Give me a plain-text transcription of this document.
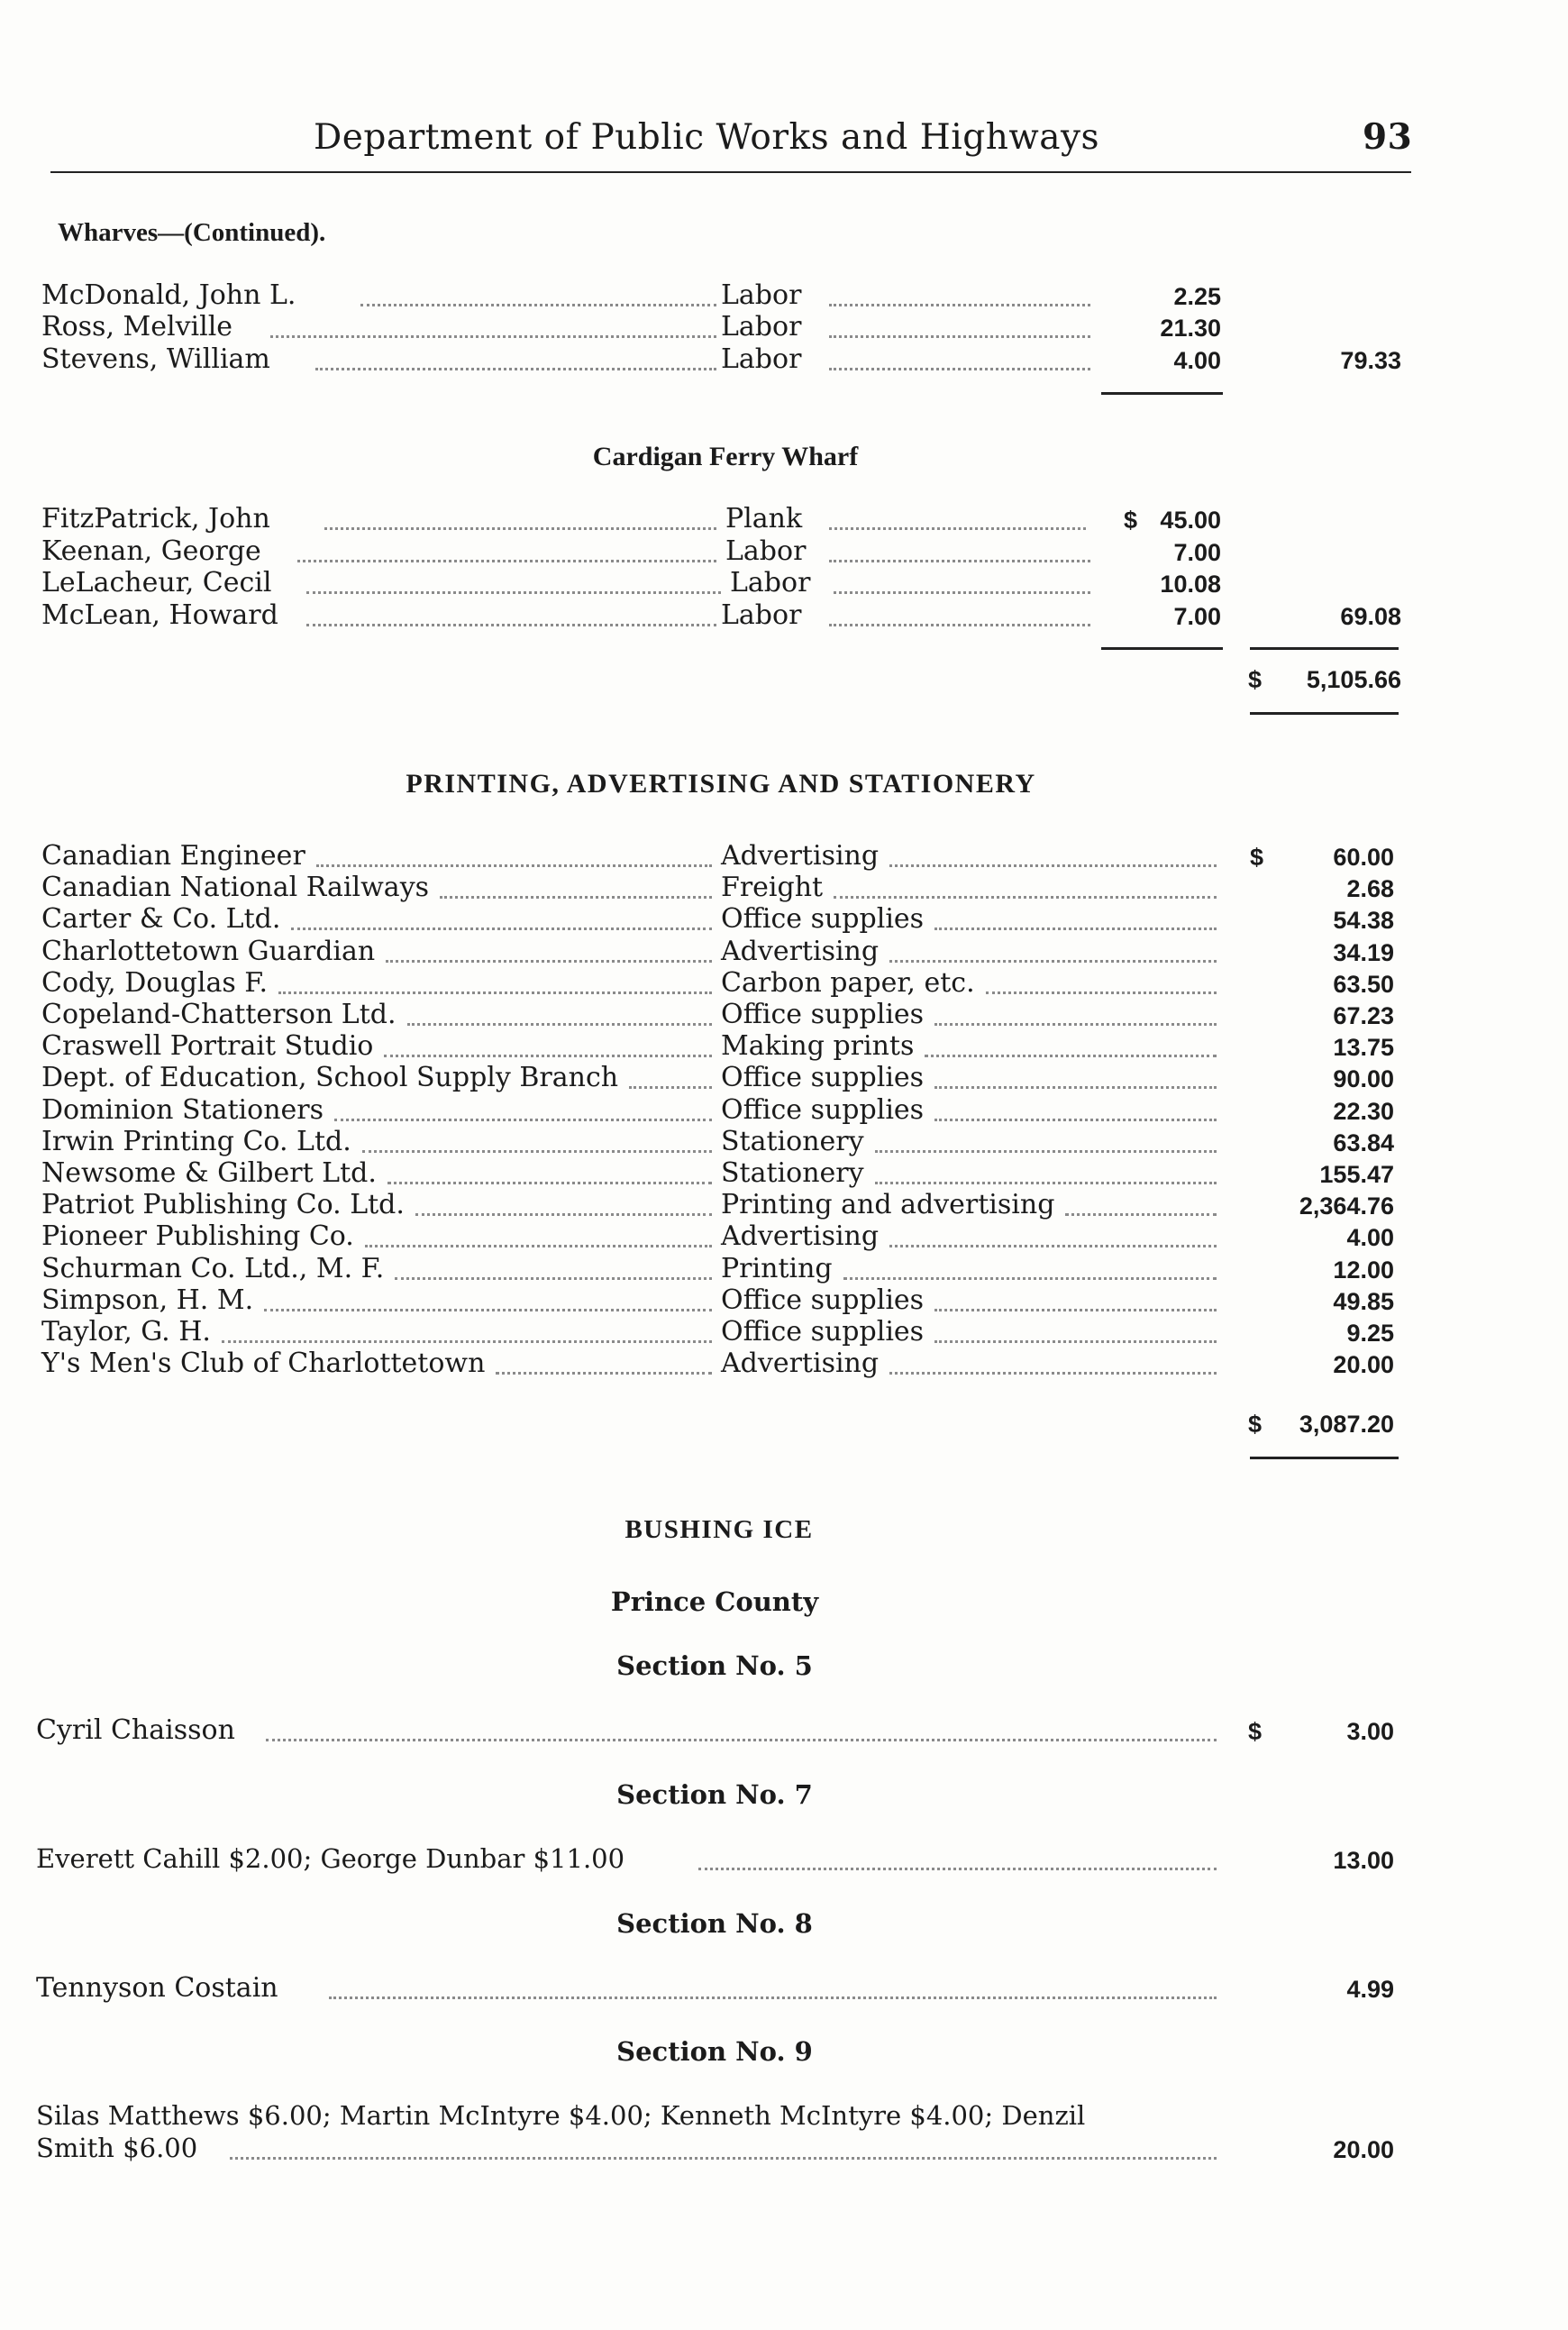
Department of Public Works and Highways	93
Wharves—(Continued).
McDonald, John L.	Labor	2.25
Ross, Melville	Labor	21.30
Stevens, William	Labor	4.00	79.33
Cardigan Ferry Wharf
FitzPatrick, John	Plank	$ 45.00
Keenan, George	Labor	7.00
LeLacheur, Cecil	Labor	10.08
McLean, Howard	Labor	7.00	69.08
$ 5,105.66
PRINTING, ADVERTISING AND STATIONERY
$
Canadian Engineer	Advertising	60.00
Canadian National Railways	Freight	2.68
Carter & Co. Ltd.	Office supplies	54.38
Charlottetown Guardian	Advertising	34.19
Cody, Douglas F.	Carbon paper, etc.	63.50
Copeland-Chatterson Ltd.	Office supplies	67.23
Craswell Portrait Studio	Making prints	13.75
Dept. of Education, School Supply Branch	Office supplies	90.00
Dominion Stationers	Office supplies	22.30
Irwin Printing Co. Ltd.	Stationery	63.84
Newsome & Gilbert Ltd.	Stationery	155.47
Patriot Publishing Co. Ltd.	Printing and advertising	2,364.76
Pioneer Publishing Co.	Advertising	4.00
Schurman Co. Ltd., M. F.	Printing	12.00
Simpson, H. M.	Office supplies	49.85
Taylor, G. H.	Office supplies	9.25
Y's Men's Club of Charlottetown	Advertising	20.00
$ 3,087.20
BUSHING ICE
Prince County
Section No. 5
Cyril Chaisson	$	3.00
Section No. 7
Everett Cahill $2.00; George Dunbar $11.00	13.00
Section No. 8
Tennyson Costain	4.99
Section No. 9
Silas Matthews $6.00; Martin McIntyre $4.00; Kenneth McIntyre $4.00; Denzil
Smith $6.00	20.00
